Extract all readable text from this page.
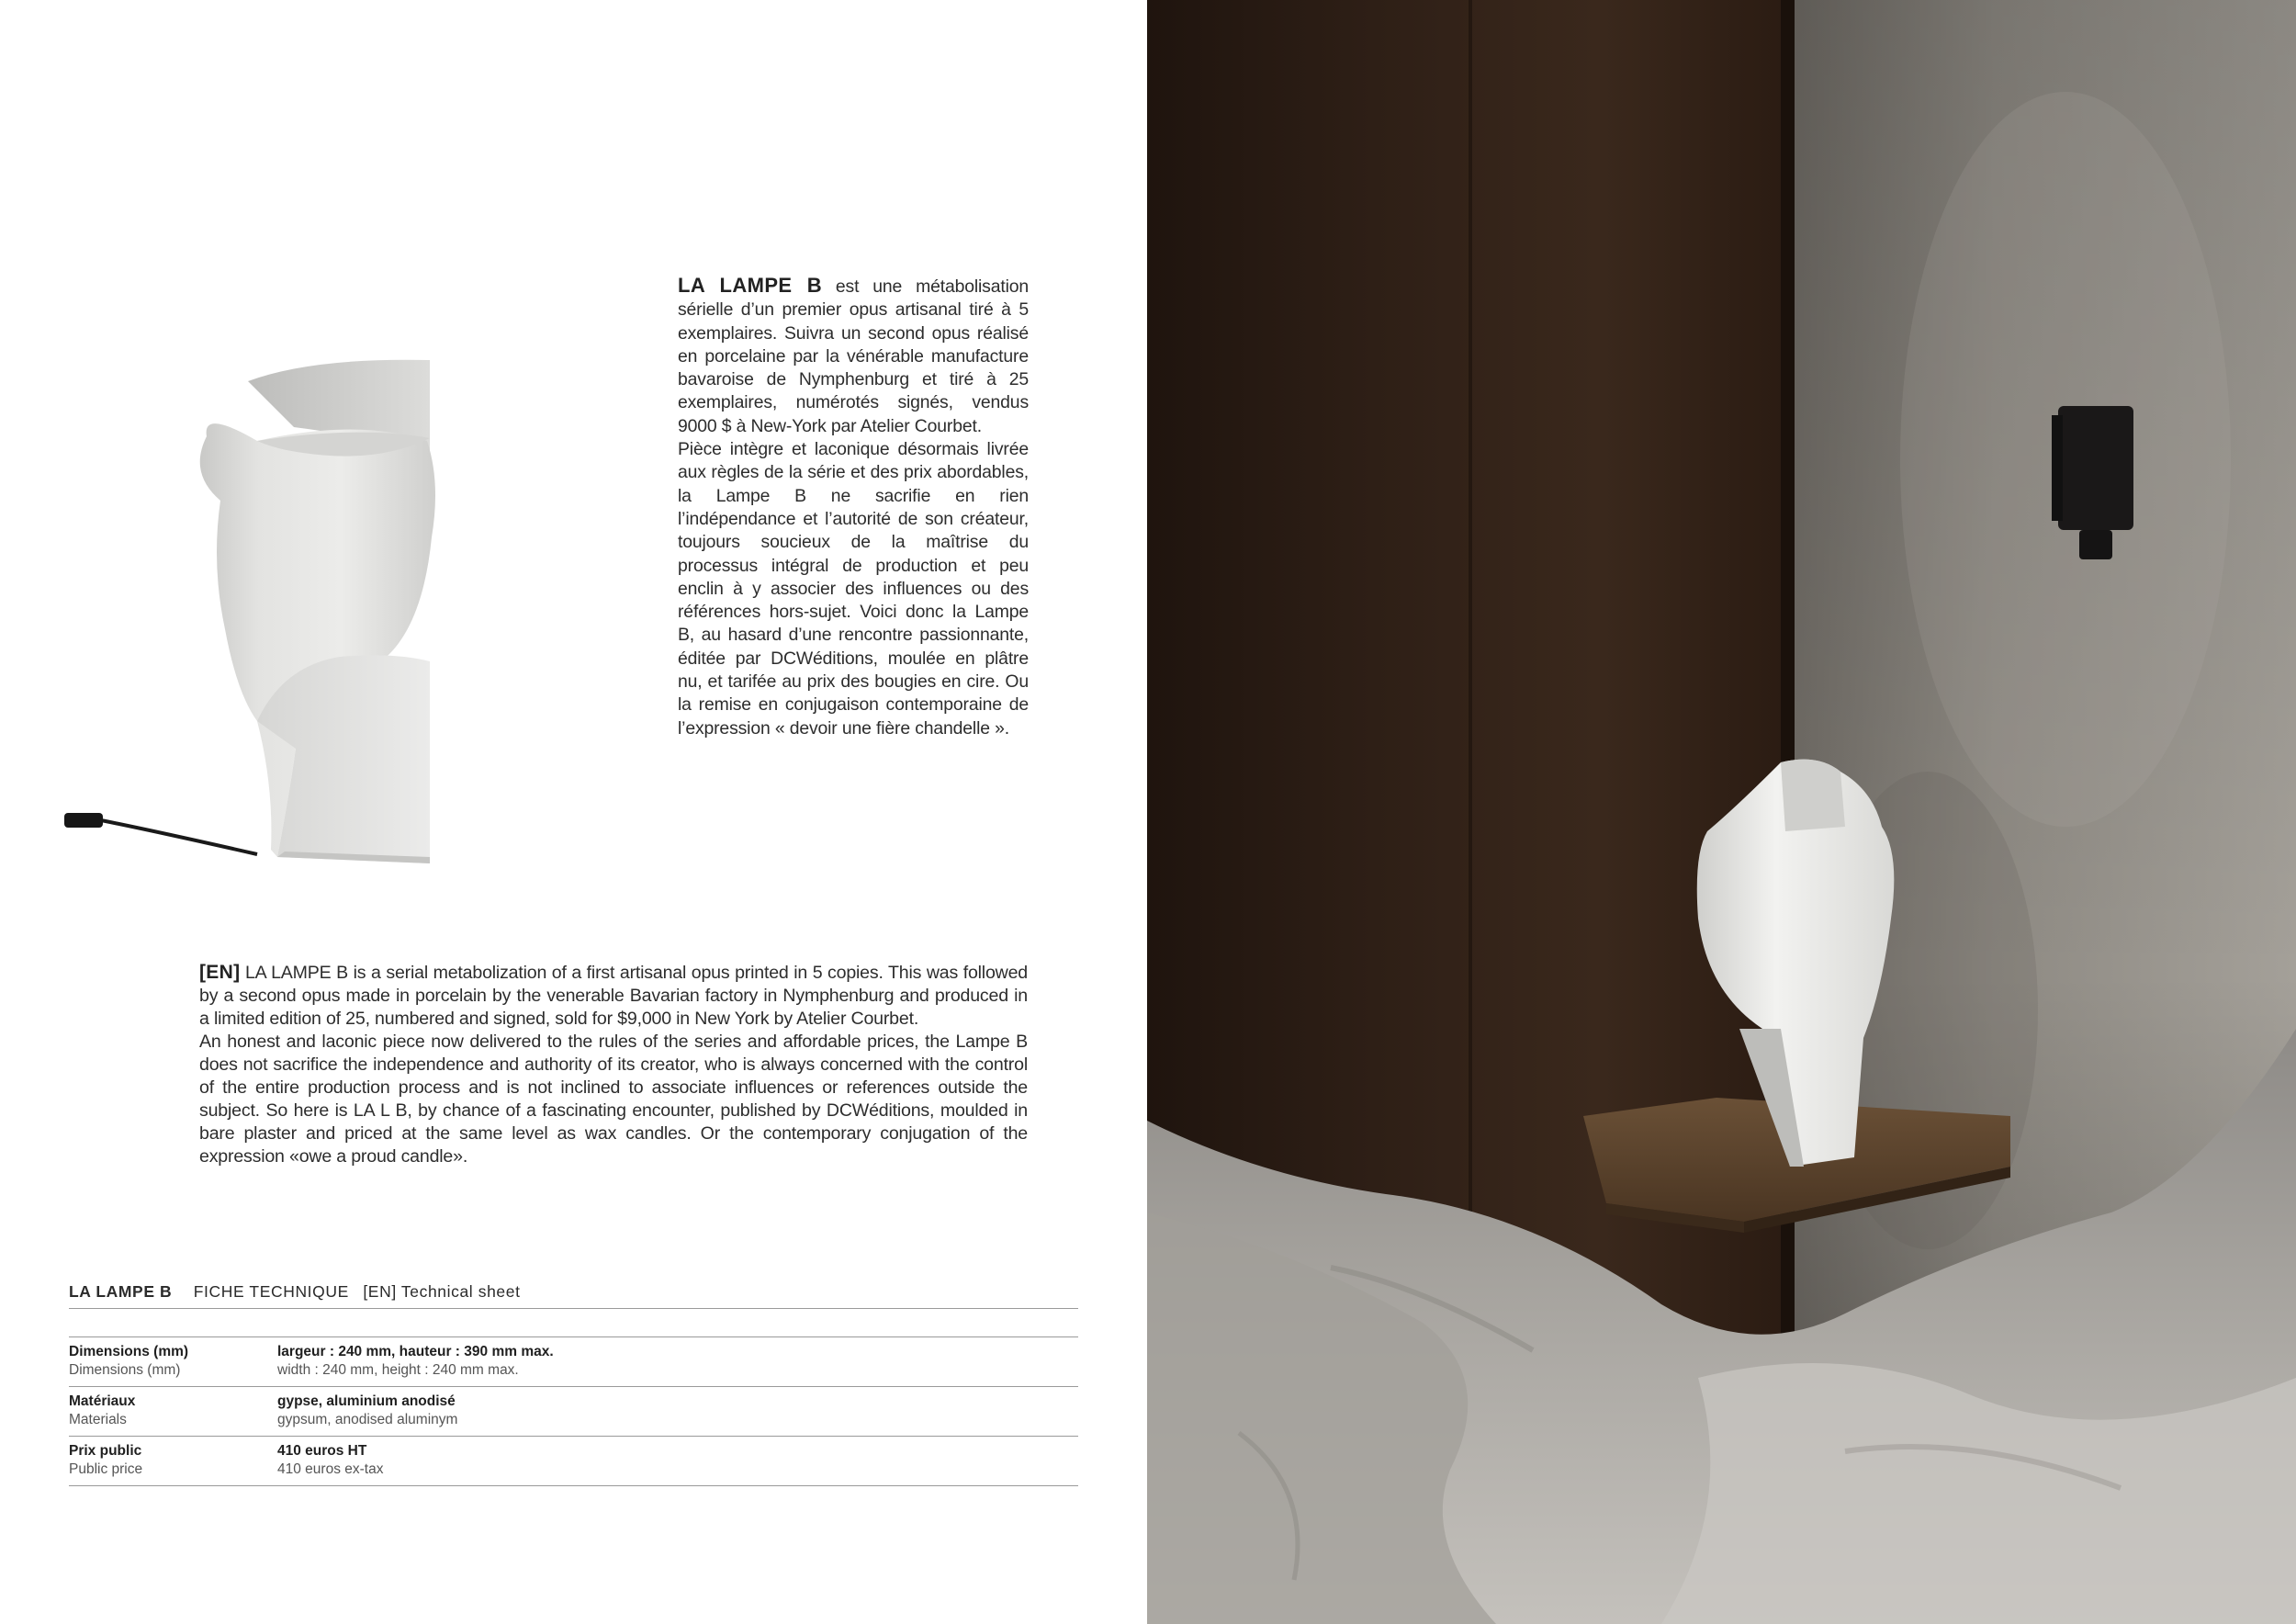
LA LAMPE B est une métabolisation sérielle d’un premier opus artisanal tiré à 5 exemplaires. Suivra un second opus réalisé en porcelaine par la vénérable manufacture bavaroise de Nymphenburg et tiré à 25 exemplaires, numérotés signés, vendus 9000 $ à New-York par Atelier Courbet.

Pièce intègre et laconique désormais livrée aux règles de la série et des prix abordables, la Lampe B ne sacrifie en rien l’indépendance et l’autorité de son créateur, toujours soucieux de la maîtrise du processus intégral de production et peu enclin à y associer des influences ou des références hors-sujet. Voici donc la Lampe B, au hasard d’une rencontre passionnante, éditée par DCWéditions, moulée en plâtre nu, et tarifée au prix des bougies en cire. Ou la remise en conjugaison contemporaine de l’expression « devoir une fière chandelle ».

[EN] LA LAMPE B is a serial metabolization of a first artisanal opus printed in 5 copies. This was followed by a second opus made in porcelain by the venerable Bavarian factory in Nymphenburg and produced in a limited edition of 25, numbered and signed, sold for $9,000 in New York by Atelier Courbet.

An honest and laconic piece now delivered to the rules of the series and affordable prices, the Lampe B does not sacrifice the independence and authority of its creator, who is always concerned with the control of the entire production process and is not inclined to associate influences or references outside the subject. So here is LA L B, by chance of a fascinating encounter, published by DCWéditions, moulded in bare plaster and priced at the same level as wax candles. Or the contemporary conjugation of the expression «owe a proud candle».

LA LAMPE B FICHE TECHNIQUE [EN] Technical sheet
Dimensions (mm)
Dimensions (mm)
largeur : 240 mm, hauteur : 390 mm max.
width : 240 mm, height : 240 mm max.
Matériaux
Materials
gypse, aluminium anodisé
gypsum, anodised aluminym
Prix public
Public price
410 euros HT
410 euros ex-tax
